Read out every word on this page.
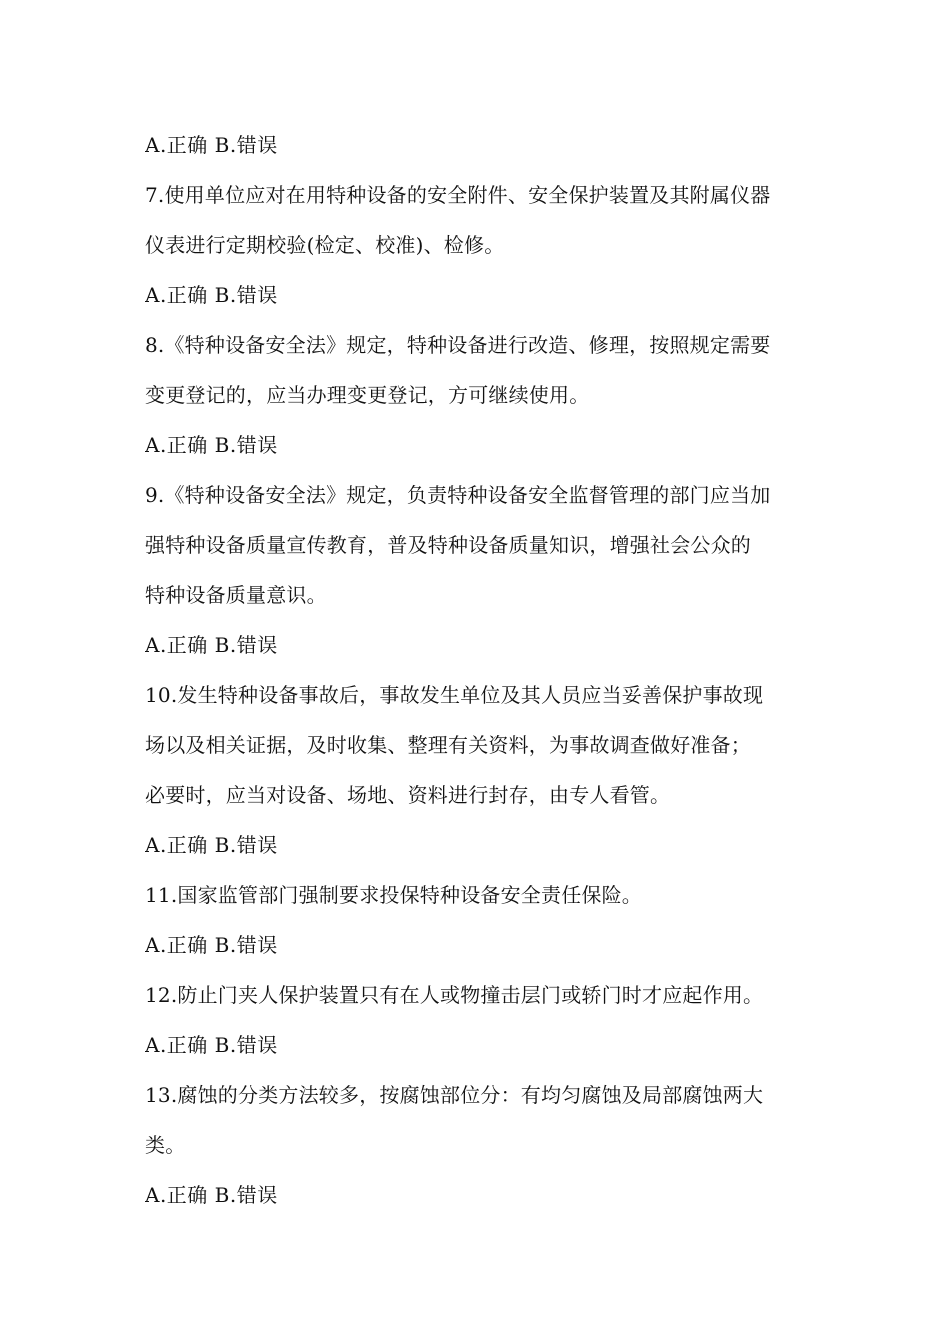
A.正确 B.错误
7.使用单位应对在用特种设备的安全附件、安全保护装置及其附属仪器
仪表进行定期校验(检定、校准)、检修。
A.正确 B.错误
8.《特种设备安全法》规定，特种设备进行改造、修理，按照规定需要
变更登记的，应当办理变更登记，方可继续使用。
A.正确 B.错误
9.《特种设备安全法》规定，负责特种设备安全监督管理的部门应当加
强特种设备质量宣传教育，普及特种设备质量知识，增强社会公众的
特种设备质量意识。
A.正确 B.错误
10.发生特种设备事故后，事故发生单位及其人员应当妥善保护事故现
场以及相关证据，及时收集、整理有关资料，为事故调查做好准备；
必要时，应当对设备、场地、资料进行封存，由专人看管。
A.正确 B.错误
11.国家监管部门强制要求投保特种设备安全责任保险。
A.正确 B.错误
12.防止门夹人保护装置只有在人或物撞击层门或轿门时才应起作用。
A.正确 B.错误
13.腐蚀的分类方法较多，按腐蚀部位分：有均匀腐蚀及局部腐蚀两大
类。
A.正确 B.错误
